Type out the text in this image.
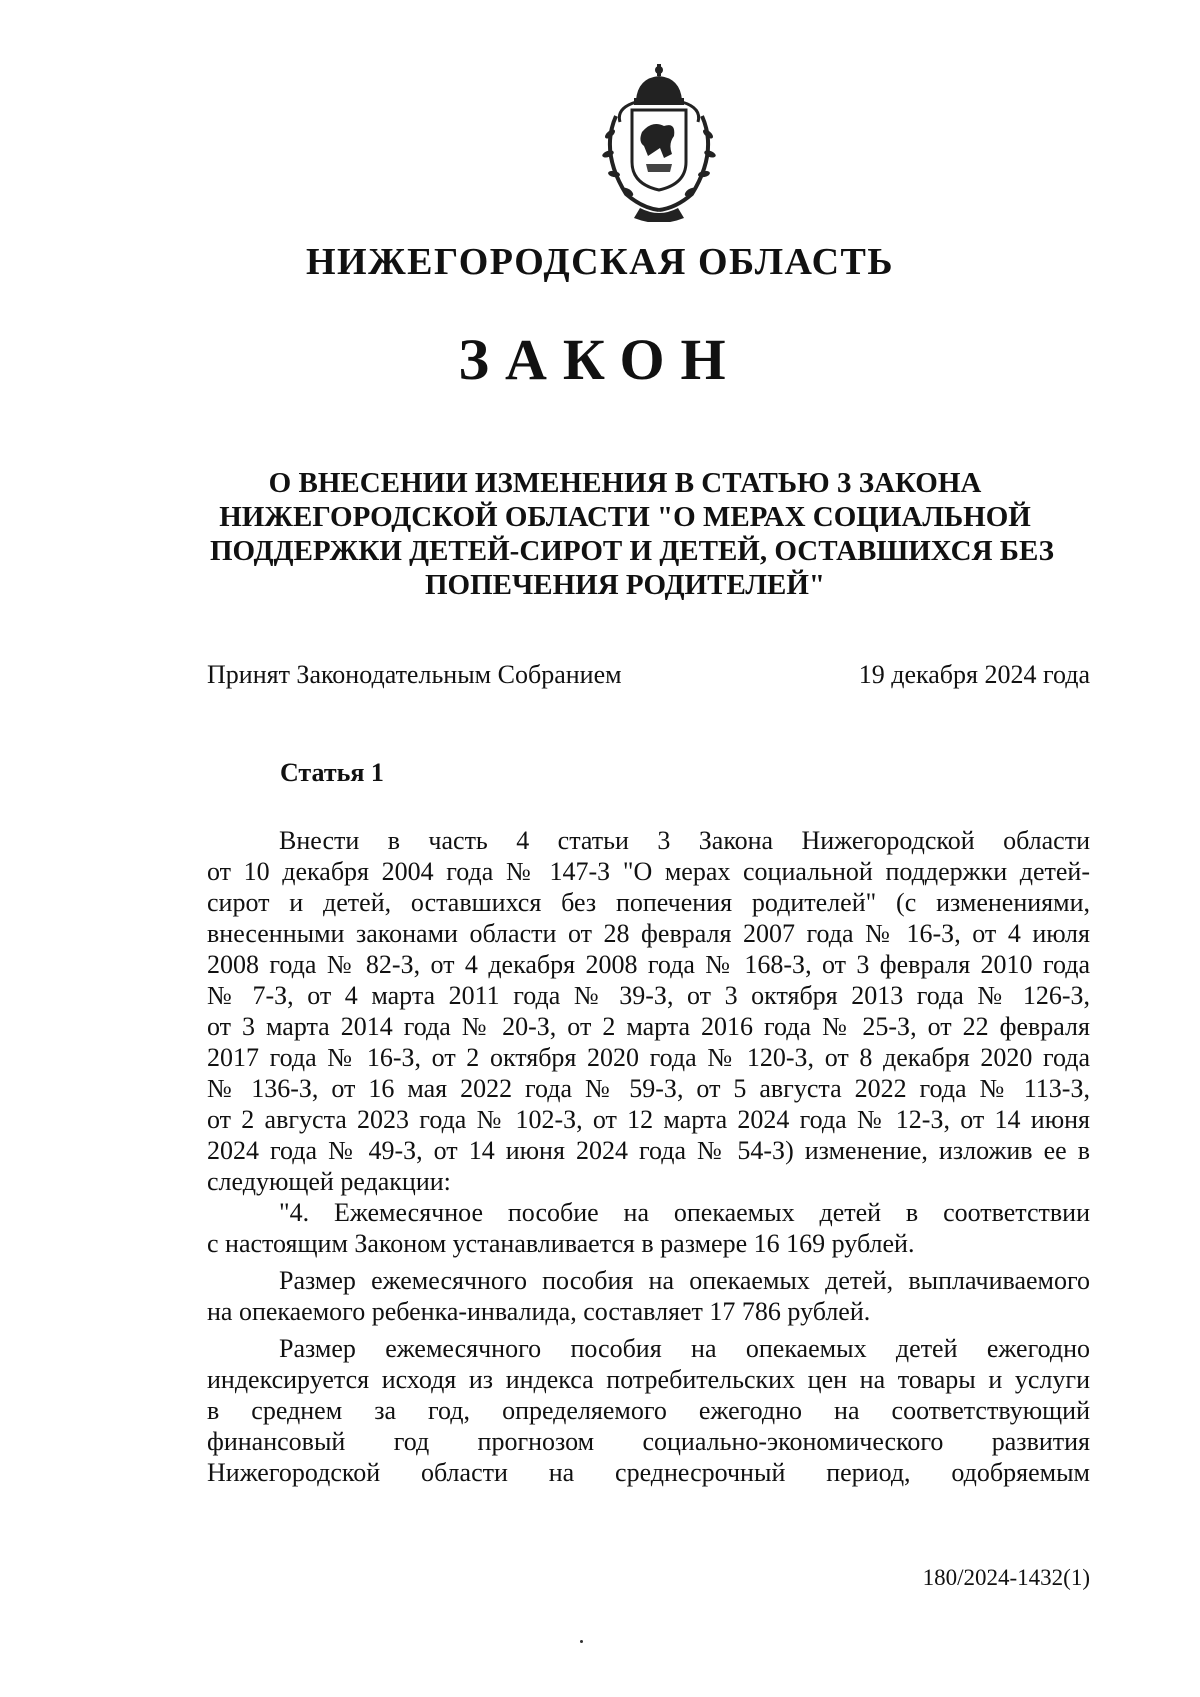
НИЖЕГОРОДСКАЯ ОБЛАСТЬ
ЗАКОН
О ВНЕСЕНИИ ИЗМЕНЕНИЯ В СТАТЬЮ 3 ЗАКОНА
НИЖЕГОРОДСКОЙ ОБЛАСТИ "О МЕРАХ СОЦИАЛЬНОЙ
ПОДДЕРЖКИ ДЕТЕЙ-СИРОТ И ДЕТЕЙ, ОСТАВШИХСЯ БЕЗ
ПОПЕЧЕНИЯ РОДИТЕЛЕЙ"
Принят Законодательным Собранием	19 декабря 2024 года
Статья 1
Внести в часть 4 статьи 3 Закона Нижегородской области
от 10 декабря 2004 года № 147-З "О мерах социальной поддержки детей-
сирот и детей, оставшихся без попечения родителей" (с изменениями,
внесенными законами области от 28 февраля 2007 года № 16-З, от 4 июля
2008 года № 82-З, от 4 декабря 2008 года № 168-З, от 3 февраля 2010 года
№ 7-З, от 4 марта 2011 года № 39-З, от 3 октября 2013 года № 126-З,
от 3 марта 2014 года № 20-З, от 2 марта 2016 года № 25-З, от 22 февраля
2017 года № 16-З, от 2 октября 2020 года № 120-З, от 8 декабря 2020 года
№ 136-З, от 16 мая 2022 года № 59-З, от 5 августа 2022 года № 113-З,
от 2 августа 2023 года № 102-З, от 12 марта 2024 года № 12-З, от 14 июня
2024 года № 49-З, от 14 июня 2024 года № 54-З) изменение, изложив ее в
следующей редакции:
"4. Ежемесячное пособие на опекаемых детей в соответствии
с настоящим Законом устанавливается в размере 16 169 рублей.
Размер ежемесячного пособия на опекаемых детей, выплачиваемого
на опекаемого ребенка-инвалида, составляет 17 786 рублей.
Размер ежемесячного пособия на опекаемых детей ежегодно
индексируется исходя из индекса потребительских цен на товары и услуги
в среднем за год, определяемого ежегодно на соответствующий
финансовый год прогнозом социально-экономического развития
Нижегородской области на среднесрочный период, одобряемым
180/2024-1432(1)
